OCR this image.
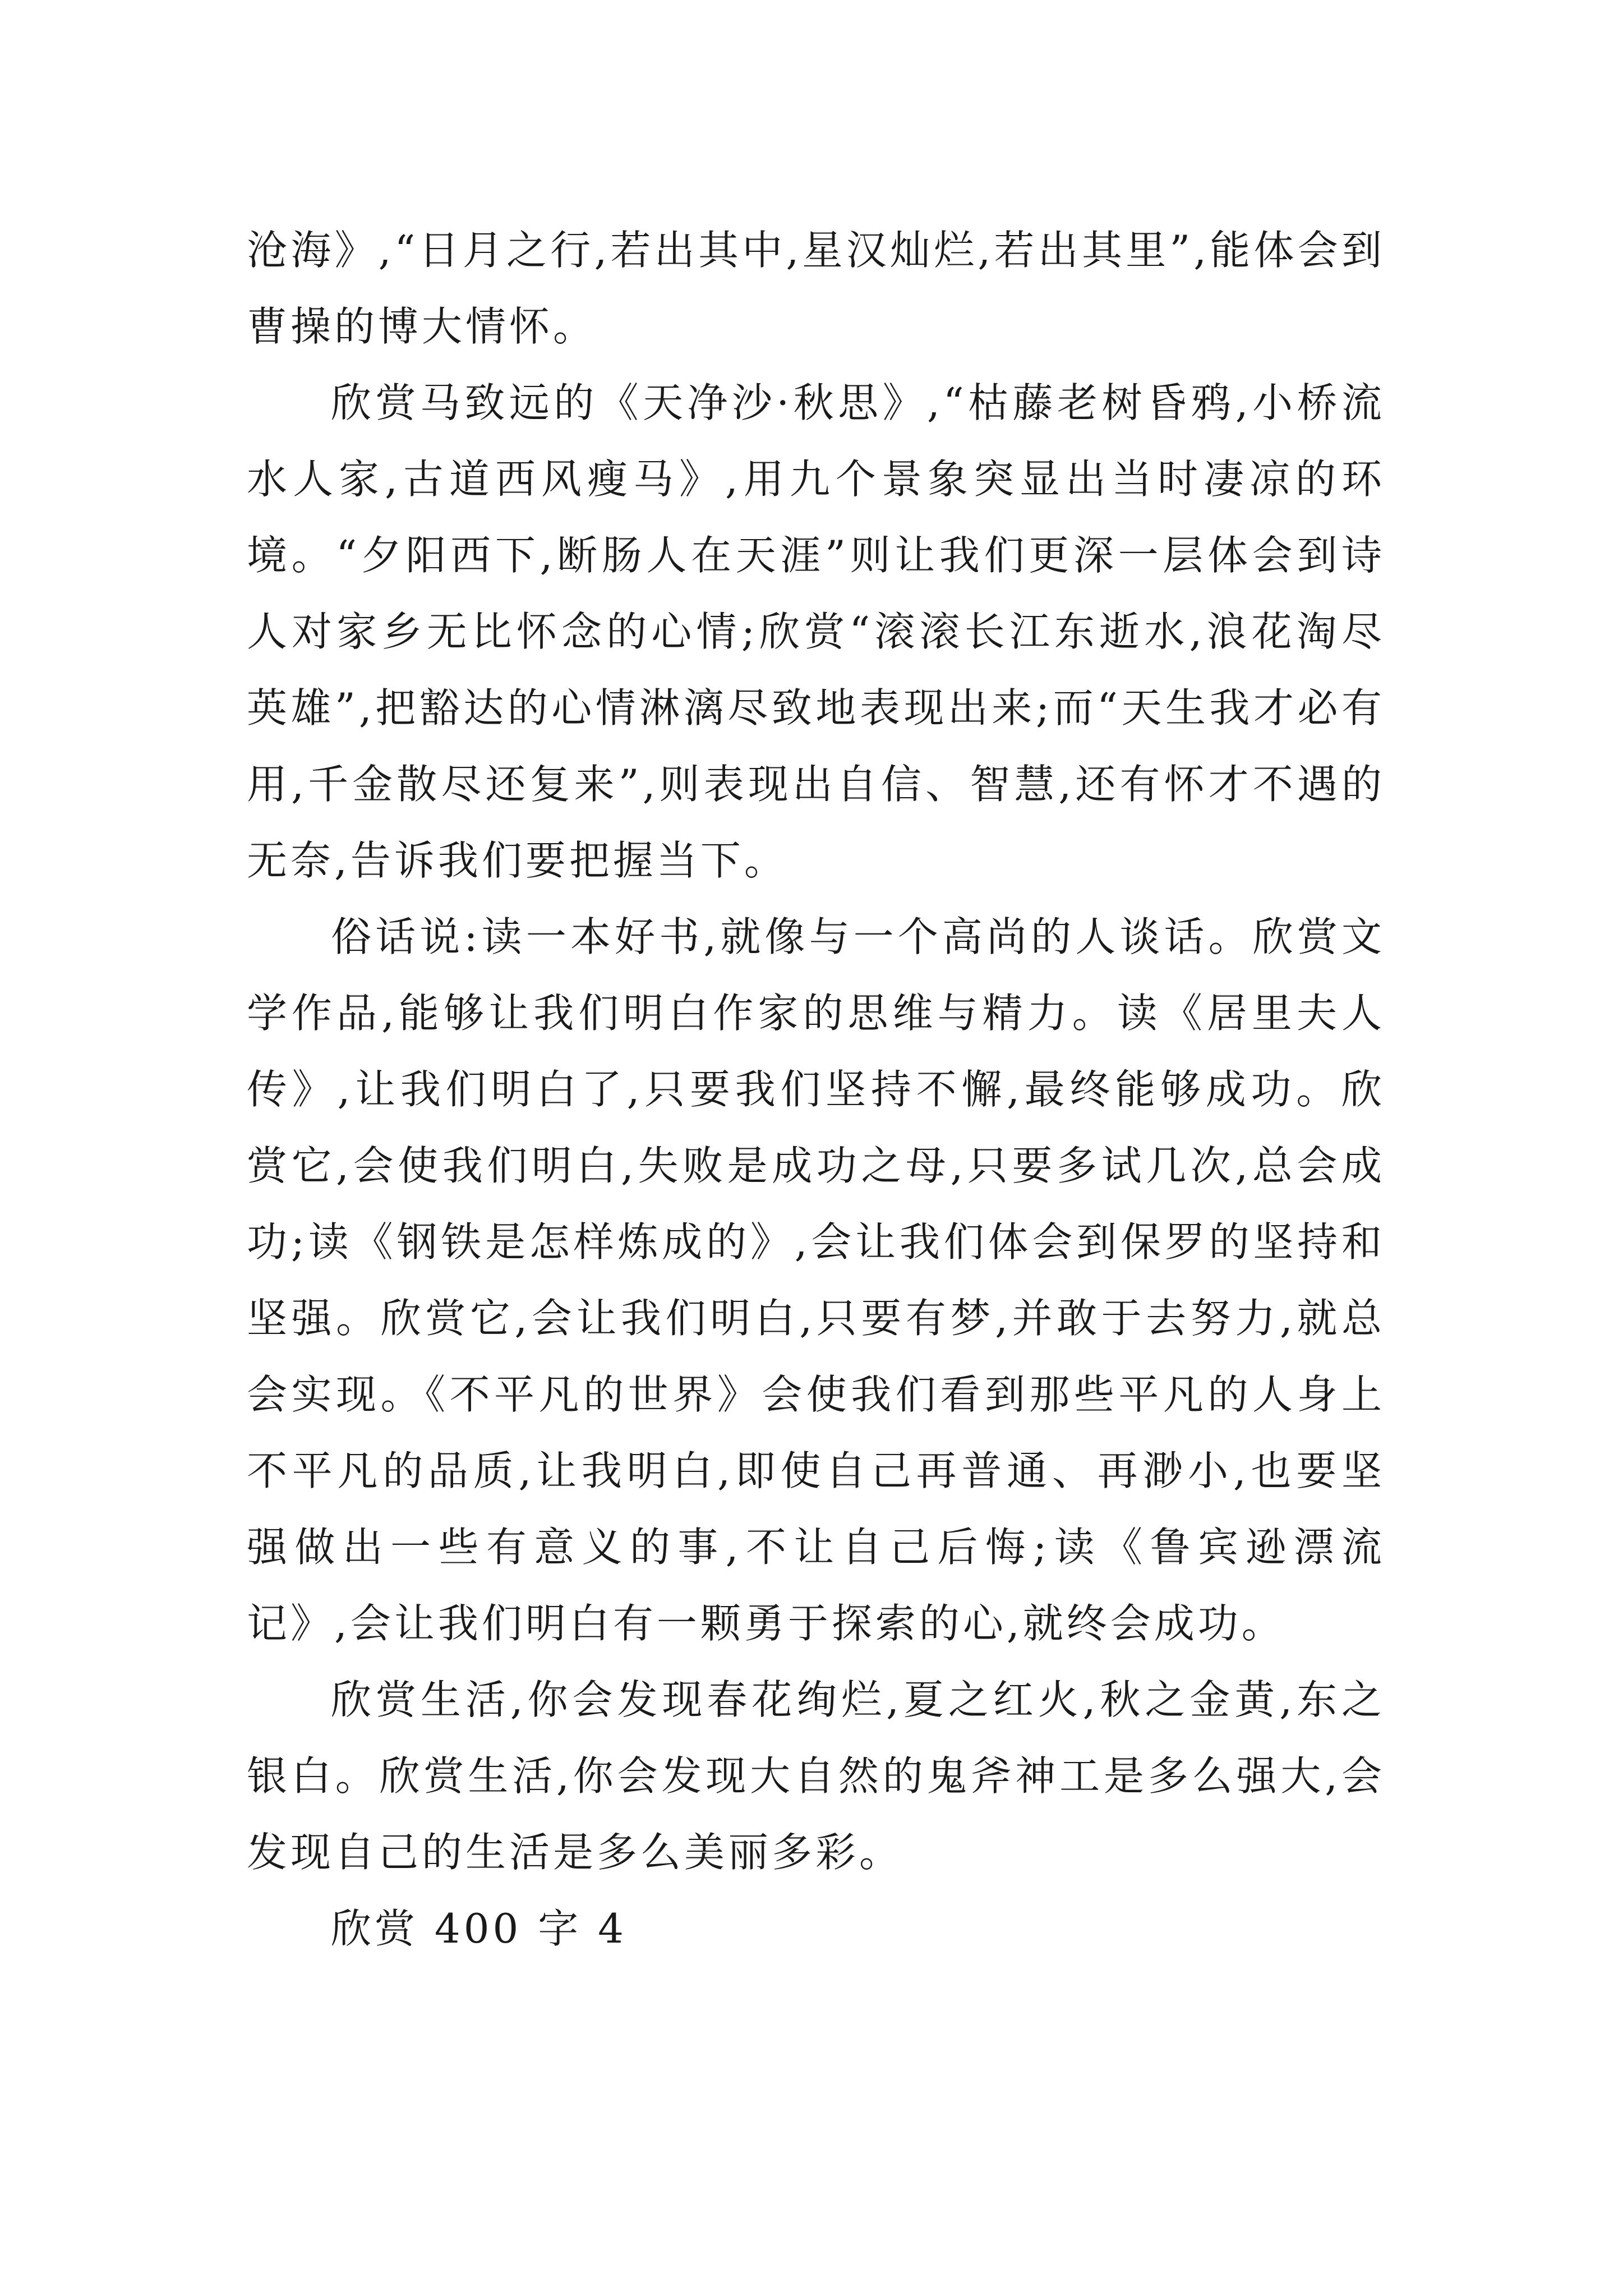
沧海》,“日月之行,若出其中,星汉灿烂,若出其里”,能体会到曹操的博大情怀。

欣赏马致远的《天净沙·秋思》,“枯藤老树昏鸦,小桥流水人家,古道西风瘦马》,用九个景象突显出当时凄凉的环境。“夕阳西下,断肠人在天涯”则让我们更深一层体会到诗人对家乡无比怀念的心情;欣赏“滚滚长江东逝水,浪花淘尽英雄”,把豁达的心情淋漓尽致地表现出来;而“天生我才必有用,千金散尽还复来”,则表现出自信、智慧,还有怀才不遇的无奈,告诉我们要把握当下。

俗话说:读一本好书,就像与一个高尚的人谈话。欣赏文学作品,能够让我们明白作家的思维与精力。读《居里夫人传》,让我们明白了,只要我们坚持不懈,最终能够成功。欣赏它,会使我们明白,失败是成功之母,只要多试几次,总会成功;读《钢铁是怎样炼成的》,会让我们体会到保罗的坚持和坚强。欣赏它,会让我们明白,只要有梦,并敢于去努力,就总会实现。《不平凡的世界》会使我们看到那些平凡的人身上不平凡的品质,让我明白,即使自己再普通、再渺小,也要坚强做出一些有意义的事,不让自己后悔;读《鲁宾逊漂流记》,会让我们明白有一颗勇于探索的心,就终会成功。

欣赏生活,你会发现春花绚烂,夏之红火,秋之金黄,东之银白。欣赏生活,你会发现大自然的鬼斧神工是多么强大,会发现自己的生活是多么美丽多彩。

欣赏 400 字 4
